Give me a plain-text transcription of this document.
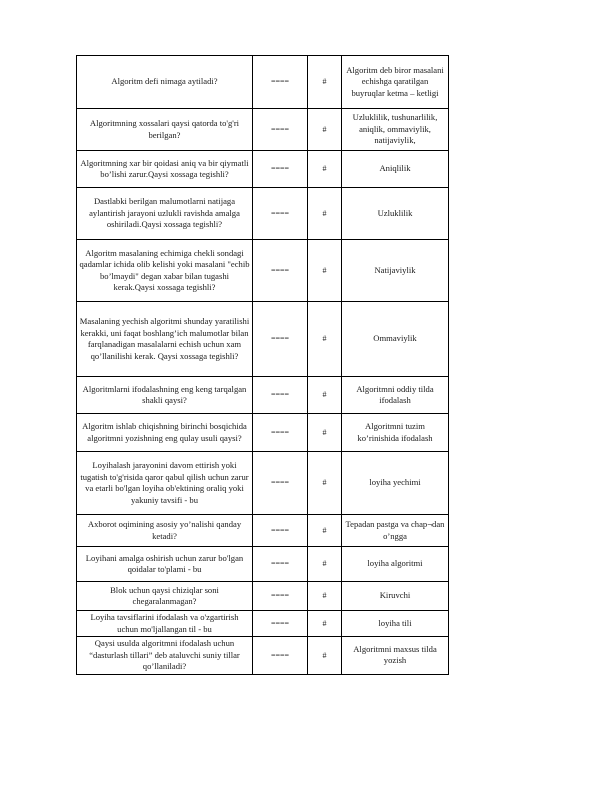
Algoritm defi nimaga aytiladi?	====	#	Algoritm deb biror masalani echishga qaratilgan buyruqlar ketma – ketligi

Algoritmning xossalari qaysi qatorda to'g'ri berilgan?	====	#	Uzluklilik, tushunarlilik, aniqlik, ommaviylik, natijaviylik,

Algoritmning xar bir qoidasi aniq va bir qiymatli bo’lishi zarur.Qaysi xossaga tegishli?	====	#	Aniqlilik

Dastlabki berilgan malumotlarni natijaga aylantirish jarayoni uzlukli ravishda amalga oshiriladi.Qaysi xossaga tegishli?	====	#	Uzluklilik

Algoritm masalaning echimiga chekli sondagi qadamlar ichida olib kelishi yoki masalani "echib bo’lmaydi" degan xabar bilan tugashi kerak.Qaysi xossaga tegishli?	====	#	Natijaviylik

Masalaning yechish algoritmi shunday yaratilishi kerakki, uni faqat boshlang’ich malumotlar bilan farqlanadigan masalalarni echish uchun xam qo’llanilishi kerak. Qaysi xossaga tegishli?	====	#	Ommaviylik

Algoritmlarni ifodalashning eng keng tarqalgan shakli qaysi?	====	#	Algoritmni oddiy tilda ifodalash

Algoritm ishlab chiqishning birinchi bosqichida algoritmni yozishning eng qulay usuli qaysi?	====	#	Algoritmni tuzim ko’rinishida ifodalash

Loyihalash jarayonini davom ettirish yoki tugatish to'g'risida qaror qabul qilish uchun zarur va etarli bo'lgan loyiha ob'ektining oraliq yoki yakuniy tavsifi - bu	====	#	loyiha yechimi

Axborot oqimining asosiy yo’nalishi qanday ketadi?	====	#	Tepadan pastga va chap¬dan o’ngga

Loyihani amalga oshirish uchun zarur bo'lgan qoidalar to'plami - bu	====	#	loyiha algoritmi

Blok uchun qaysi chiziqlar soni chegaralanmagan?	====	#	Kiruvchi

Loyiha tavsiflarini ifodalash va o'zgartirish uchun mo'ljallangan til - bu	====	#	loyiha tili

Qaysi usulda algoritmni ifodalash uchun “dasturlash tillari” deb ataluvchi suniy tillar qo’llaniladi?	====	#	Algoritmni maxsus tilda yozish
